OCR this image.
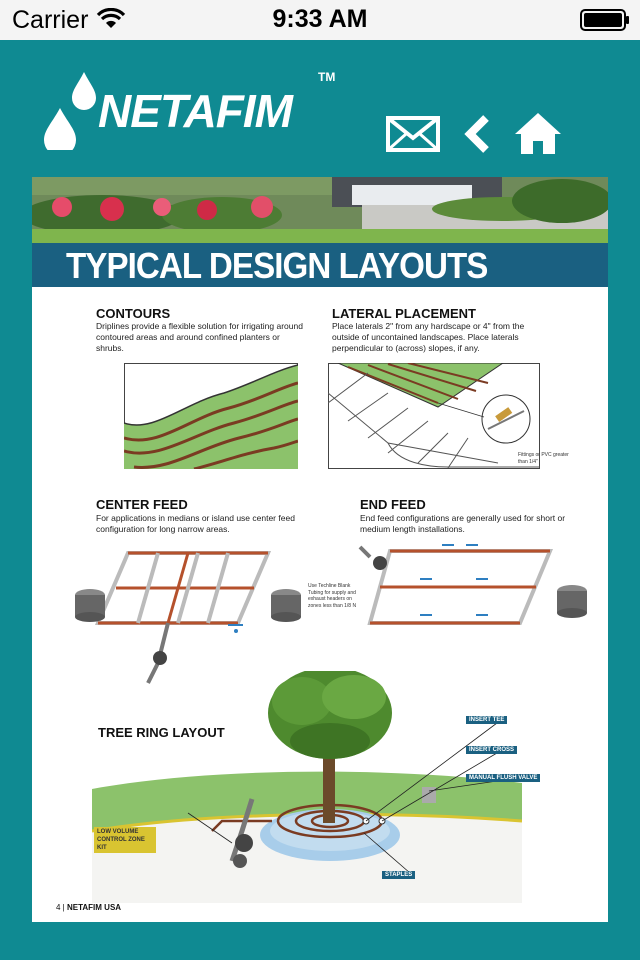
Carrier	9:33 AM
NETAFIM
TM
TYPICAL DESIGN LAYOUTS
CONTOURS
Driplines provide a flexible solution for irrigating around contoured areas and around confined planters or shrubs.
LATERAL PLACEMENT
Place laterals 2" from any hardscape or 4" from the outside of uncontained landscapes. Place laterals perpendicular to (across) slopes, if any.
Fittings or PVC greater than 1/4"
CENTER FEED
For applications in medians or island use center feed configuration for long narrow areas.
END FEED
End feed configurations are generally used for short or medium length installations.
Use Techline Blank Tubing for supply and exhaust headers on zones less than 1/8 N
TREE RING LAYOUT
INSERT TEE
INSERT CROSS
MANUAL FLUSH VALVE
STAPLES
LOW VOLUME CONTROL ZONE KIT
4 | NETAFIM USA
